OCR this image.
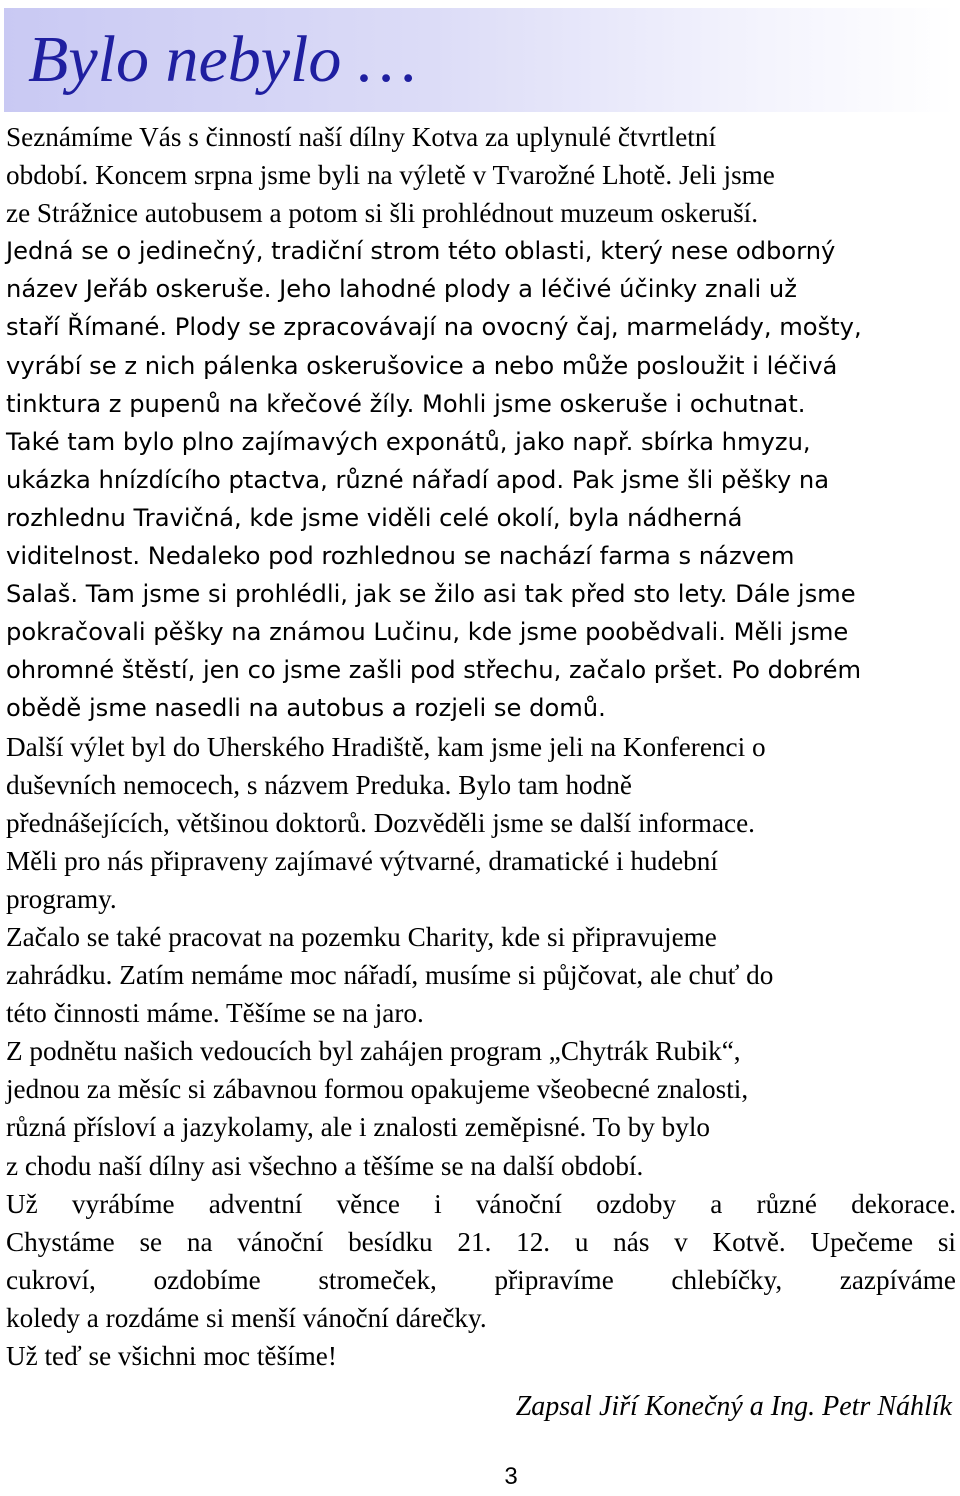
Bylo nebylo …
Seznámíme Vás s činností naší dílny Kotva za uplynulé čtvrtletní
období. Koncem srpna jsme byli na výletě v Tvarožné Lhotě. Jeli jsme
ze Strážnice autobusem a potom si šli prohlédnout muzeum oskeruší.
Jedná se o jedinečný, tradiční strom této oblasti, který nese odborný
název Jeřáb oskeruše. Jeho lahodné plody a léčivé účinky znali už
staří Římané. Plody se zpracovávají na ovocný čaj, marmelády, mošty,
vyrábí se z nich pálenka oskerušovice a nebo může posloužit i léčivá
tinktura z pupenů na křečové žíly. Mohli jsme oskeruše i ochutnat.
Také tam bylo plno zajímavých exponátů, jako např. sbírka hmyzu,
ukázka hnízdícího ptactva, různé nářadí apod. Pak jsme šli pěšky na
rozhlednu Travičná, kde jsme viděli celé okolí, byla nádherná
viditelnost. Nedaleko pod rozhlednou se nachází farma s názvem
Salaš. Tam jsme si prohlédli, jak se žilo asi tak před sto lety. Dále jsme
pokračovali pěšky na známou Lučinu, kde jsme poobědvali. Měli jsme
ohromné štěstí, jen co jsme zašli pod střechu, začalo pršet. Po dobrém
obědě jsme nasedli na autobus a rozjeli se domů.
Další výlet byl do Uherského Hradiště, kam jsme jeli na Konferenci o
duševních nemocech, s názvem Preduka. Bylo tam hodně
přednášejících, většinou doktorů. Dozvěděli jsme se další informace.
Měli pro nás připraveny zajímavé výtvarné, dramatické i hudební
programy.
Začalo se také pracovat na pozemku Charity, kde si připravujeme
zahrádku. Zatím nemáme moc nářadí, musíme si půjčovat, ale chuť do
této činnosti máme. Těšíme se na jaro.
Z podnětu našich vedoucích byl zahájen program „Chytrák Rubik“,
jednou za měsíc si zábavnou formou opakujeme všeobecné znalosti,
různá přísloví a jazykolamy, ale i znalosti zeměpisné. To by bylo
z chodu naší dílny asi všechno a těšíme se na další období.
Už vyrábíme adventní věnce i vánoční ozdoby a různé dekorace.
Chystáme se na vánoční besídku 21. 12. u nás v Kotvě. Upečeme si
cukroví, ozdobíme stromeček, připravíme chlebíčky, zazpíváme
koledy a rozdáme si menší vánoční dárečky.
Už teď se všichni moc těšíme!
Zapsal Jiří Konečný a Ing. Petr Náhlík
3
